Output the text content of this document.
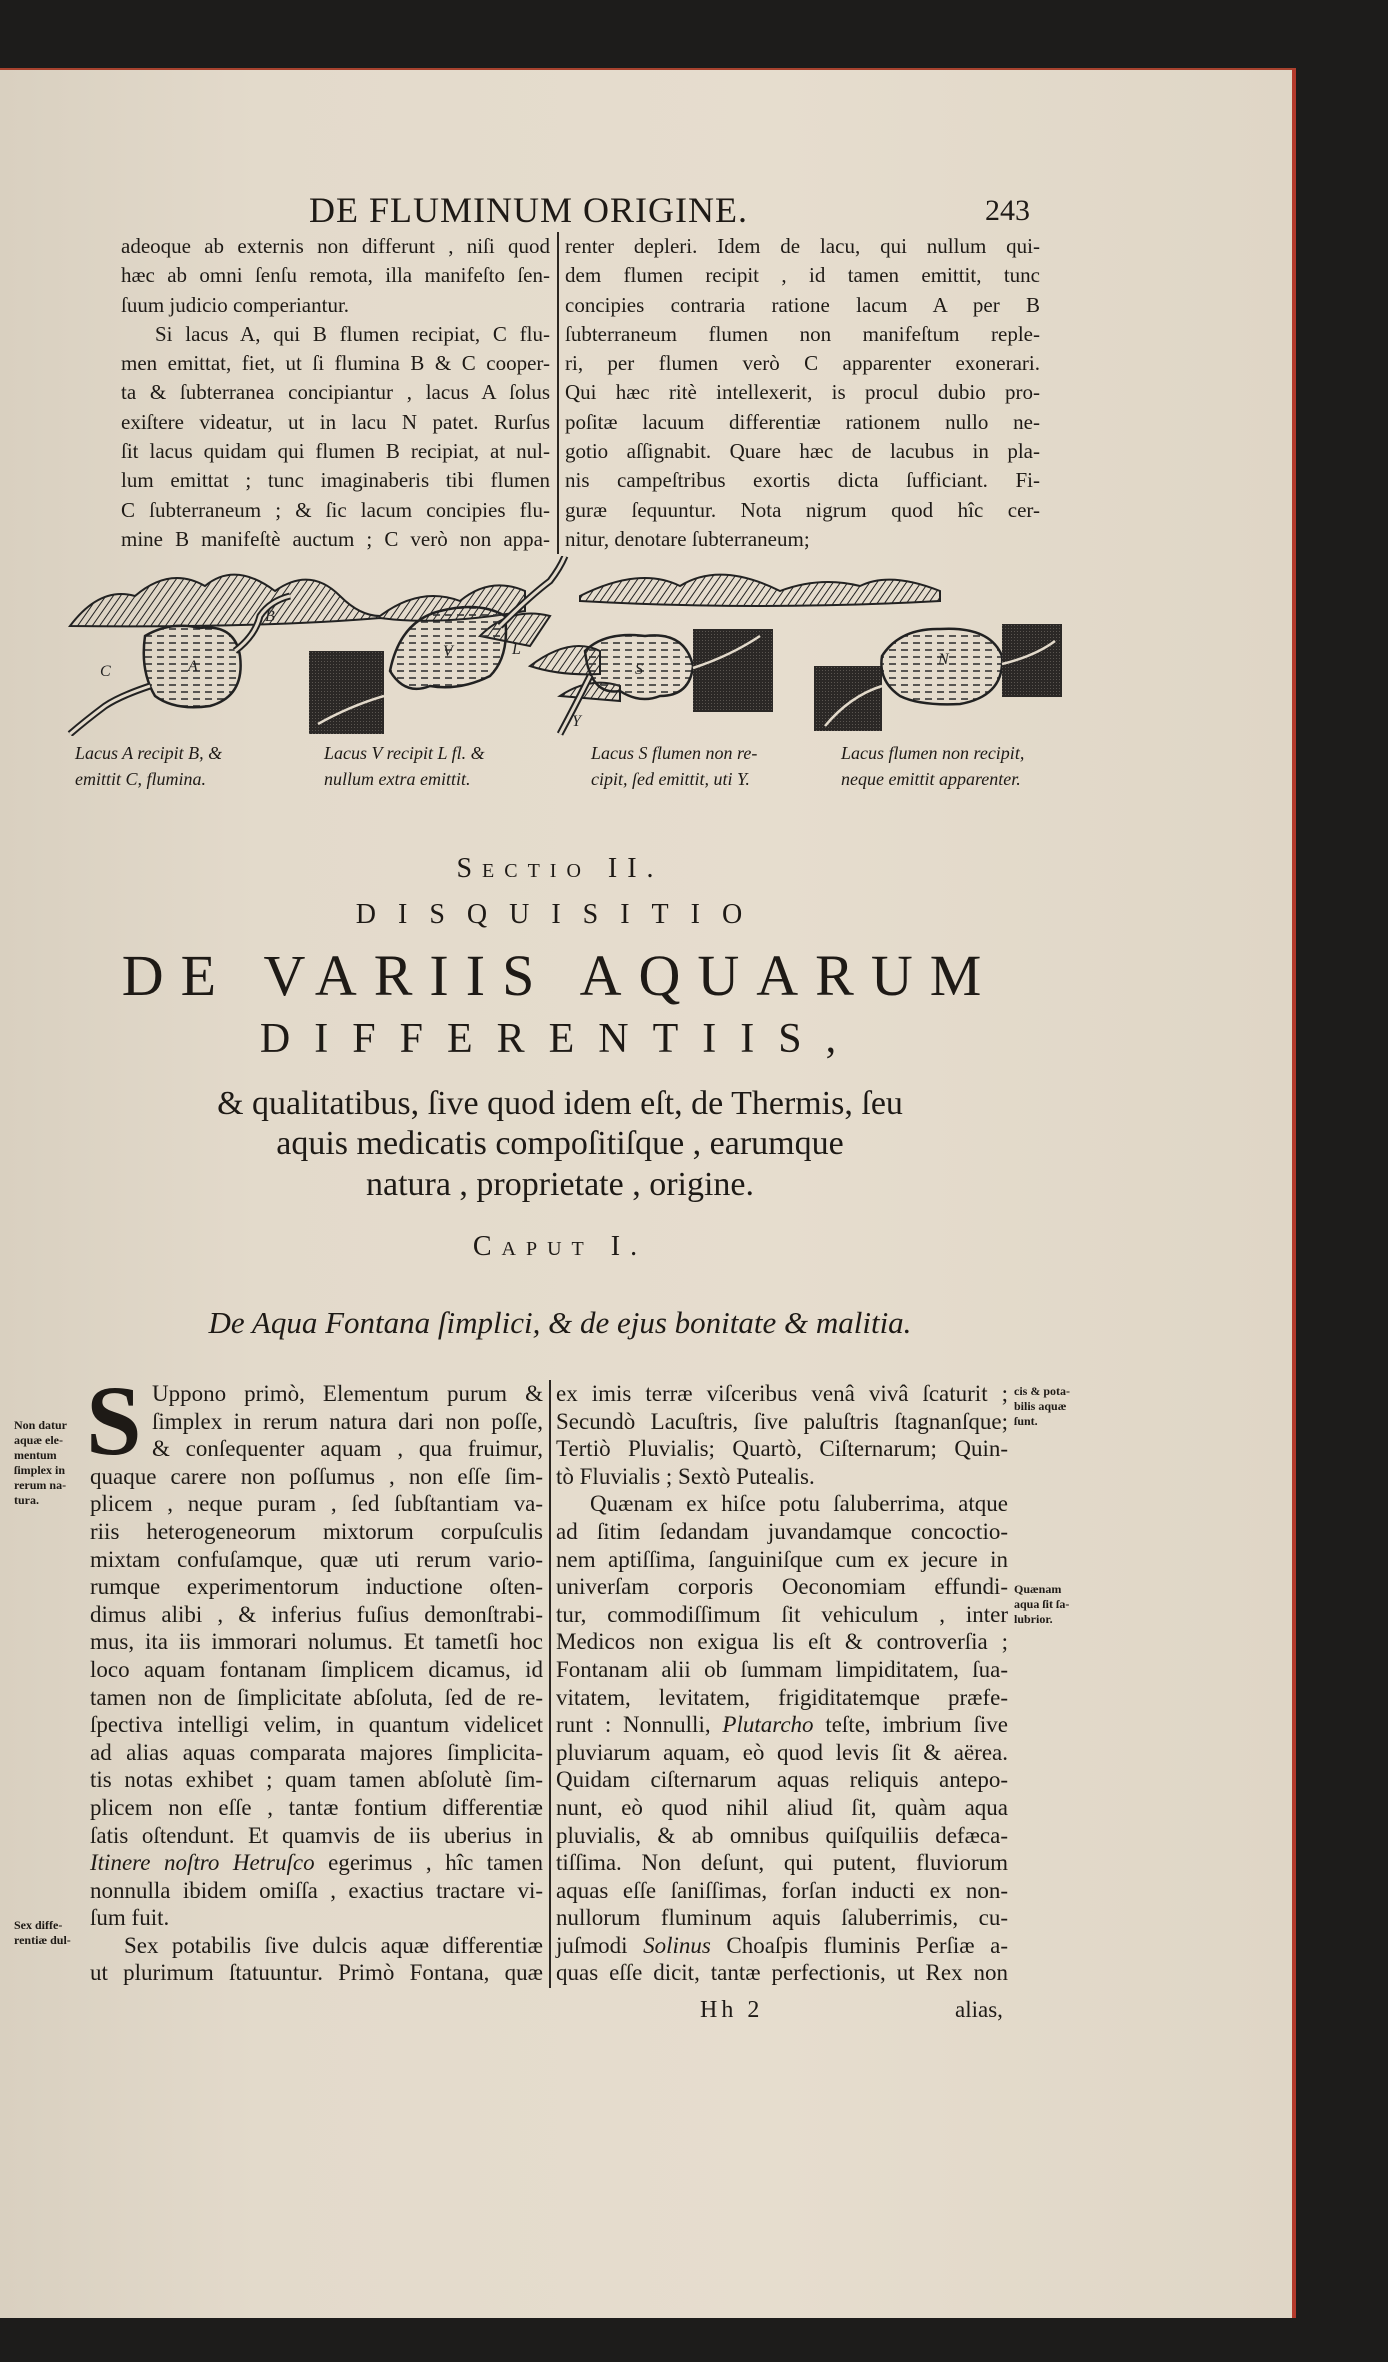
DE FLUMINUM ORIGINE.	243
adeoque ab externis non differunt , niſi quod
hæc ab omni ſenſu remota, illa manifeſto ſen-
ſuum judicio comperiantur.
Si lacus A, qui B flumen recipiat, C flu-
men emittat, fiet, ut ſi flumina B & C cooper-
ta & ſubterranea concipiantur , lacus A ſolus
exiſtere videatur, ut in lacu N patet. Rurſus
ſit lacus quidam qui flumen B recipiat, at nul-
lum emittat ; tunc imaginaberis tibi flumen
C ſubterraneum ; & ſic lacum concipies flu-
mine B manifeſtè auctum ; C verò non appa-
renter depleri. Idem de lacu, qui nullum qui-
dem flumen recipit , id tamen emittit, tunc
concipies contraria ratione lacum A per B
ſubterraneum flumen non manifeſtum reple-
ri, per flumen verò C apparenter exonerari.
Qui hæc ritè intellexerit, is procul dubio pro-
poſitæ lacuum differentiæ rationem nullo ne-
gotio aſſignabit. Quare hæc de lacubus in pla-
nis campeſtribus exortis dicta ſufficiant. Fi-
guræ ſequuntur. Nota nigrum quod hîc cer-
nitur, denotare ſubterraneum;
C
B
A
V	L
S
Y
N
Lacus A recipit B, &
emittit C, flumina.
Lacus V recipit L fl. &
nullum extra emittit.
Lacus S flumen non re-
cipit, ſed emittit, uti Y.
Lacus flumen non recipit,
neque emittit apparenter.
Sectio II.
DISQUISITIO
DE VARIIS AQUARUM
DIFFERENTIIS,
& qualitatibus, ſive quod idem eſt, de Thermis, ſeu
aquis medicatis compoſitiſque , earumque
natura , proprietate , origine.
Caput I.
De Aqua Fontana ſimplici, & de ejus bonitate & malitia.
S Uppono primò, Elementum purum &
ſimplex in rerum natura dari non poſſe,
& conſequenter aquam , qua fruimur,
quaque carere non poſſumus , non eſſe ſim-
plicem , neque puram , ſed ſubſtantiam va-
riis heterogeneorum mixtorum corpuſculis
mixtam confuſamque, quæ uti rerum vario-
rumque experimentorum inductione oſten-
dimus alibi , & inferius fuſius demonſtrabi-
mus, ita iis immorari nolumus. Et tametſi hoc
loco aquam fontanam ſimplicem dicamus, id
tamen non de ſimplicitate abſoluta, ſed de re-
ſpectiva intelligi velim, in quantum videlicet
ad alias aquas comparata majores ſimplicita-
tis notas exhibet ; quam tamen abſolutè ſim-
plicem non eſſe , tantæ fontium differentiæ
ſatis oſtendunt. Et quamvis de iis uberius in
Itinere noſtro Hetruſco egerimus , hîc tamen
nonnulla ibidem omiſſa , exactius tractare vi-
ſum fuit.
Sex potabilis ſive dulcis aquæ differentiæ
ut plurimum ſtatuuntur. Primò Fontana, quæ
ex imis terræ viſceribus venâ vivâ ſcaturit ;
Secundò Lacuſtris, ſive paluſtris ſtagnanſque;
Tertiò Pluvialis; Quartò, Ciſternarum; Quin-
tò Fluvialis ; Sextò Putealis.
Quænam ex hiſce potu ſaluberrima, atque
ad ſitim ſedandam juvandamque concoctio-
nem aptiſſima, ſanguiniſque cum ex jecure in
univerſam corporis Oeconomiam effundi-
tur, commodiſſimum ſit vehiculum , inter
Medicos non exigua lis eſt & controverſia ;
Fontanam alii ob ſummam limpiditatem, ſua-
vitatem, levitatem, frigiditatemque præfe-
runt : Nonnulli, Plutarcho teſte, imbrium ſive
pluviarum aquam, eò quod levis ſit & aërea.
Quidam ciſternarum aquas reliquis antepo-
nunt, eò quod nihil aliud ſit, quàm aqua
pluvialis, & ab omnibus quiſquiliis defæca-
tiſſima. Non deſunt, qui putent, fluviorum
aquas eſſe ſaniſſimas, forſan inducti ex non-
nullorum fluminum aquis ſaluberrimis, cu-
juſmodi Solinus Choaſpis fluminis Perſiæ a-
quas eſſe dicit, tantæ perfectionis, ut Rex non
Non datur
aquæ ele-
mentum
ſimplex in
rerum na-
tura.
Sex diffe-
rentiæ dul-
cis & pota-
bilis aquæ
ſunt.
Quænam
aqua ſit ſa-
lubrior.
Hh 2	alias,
